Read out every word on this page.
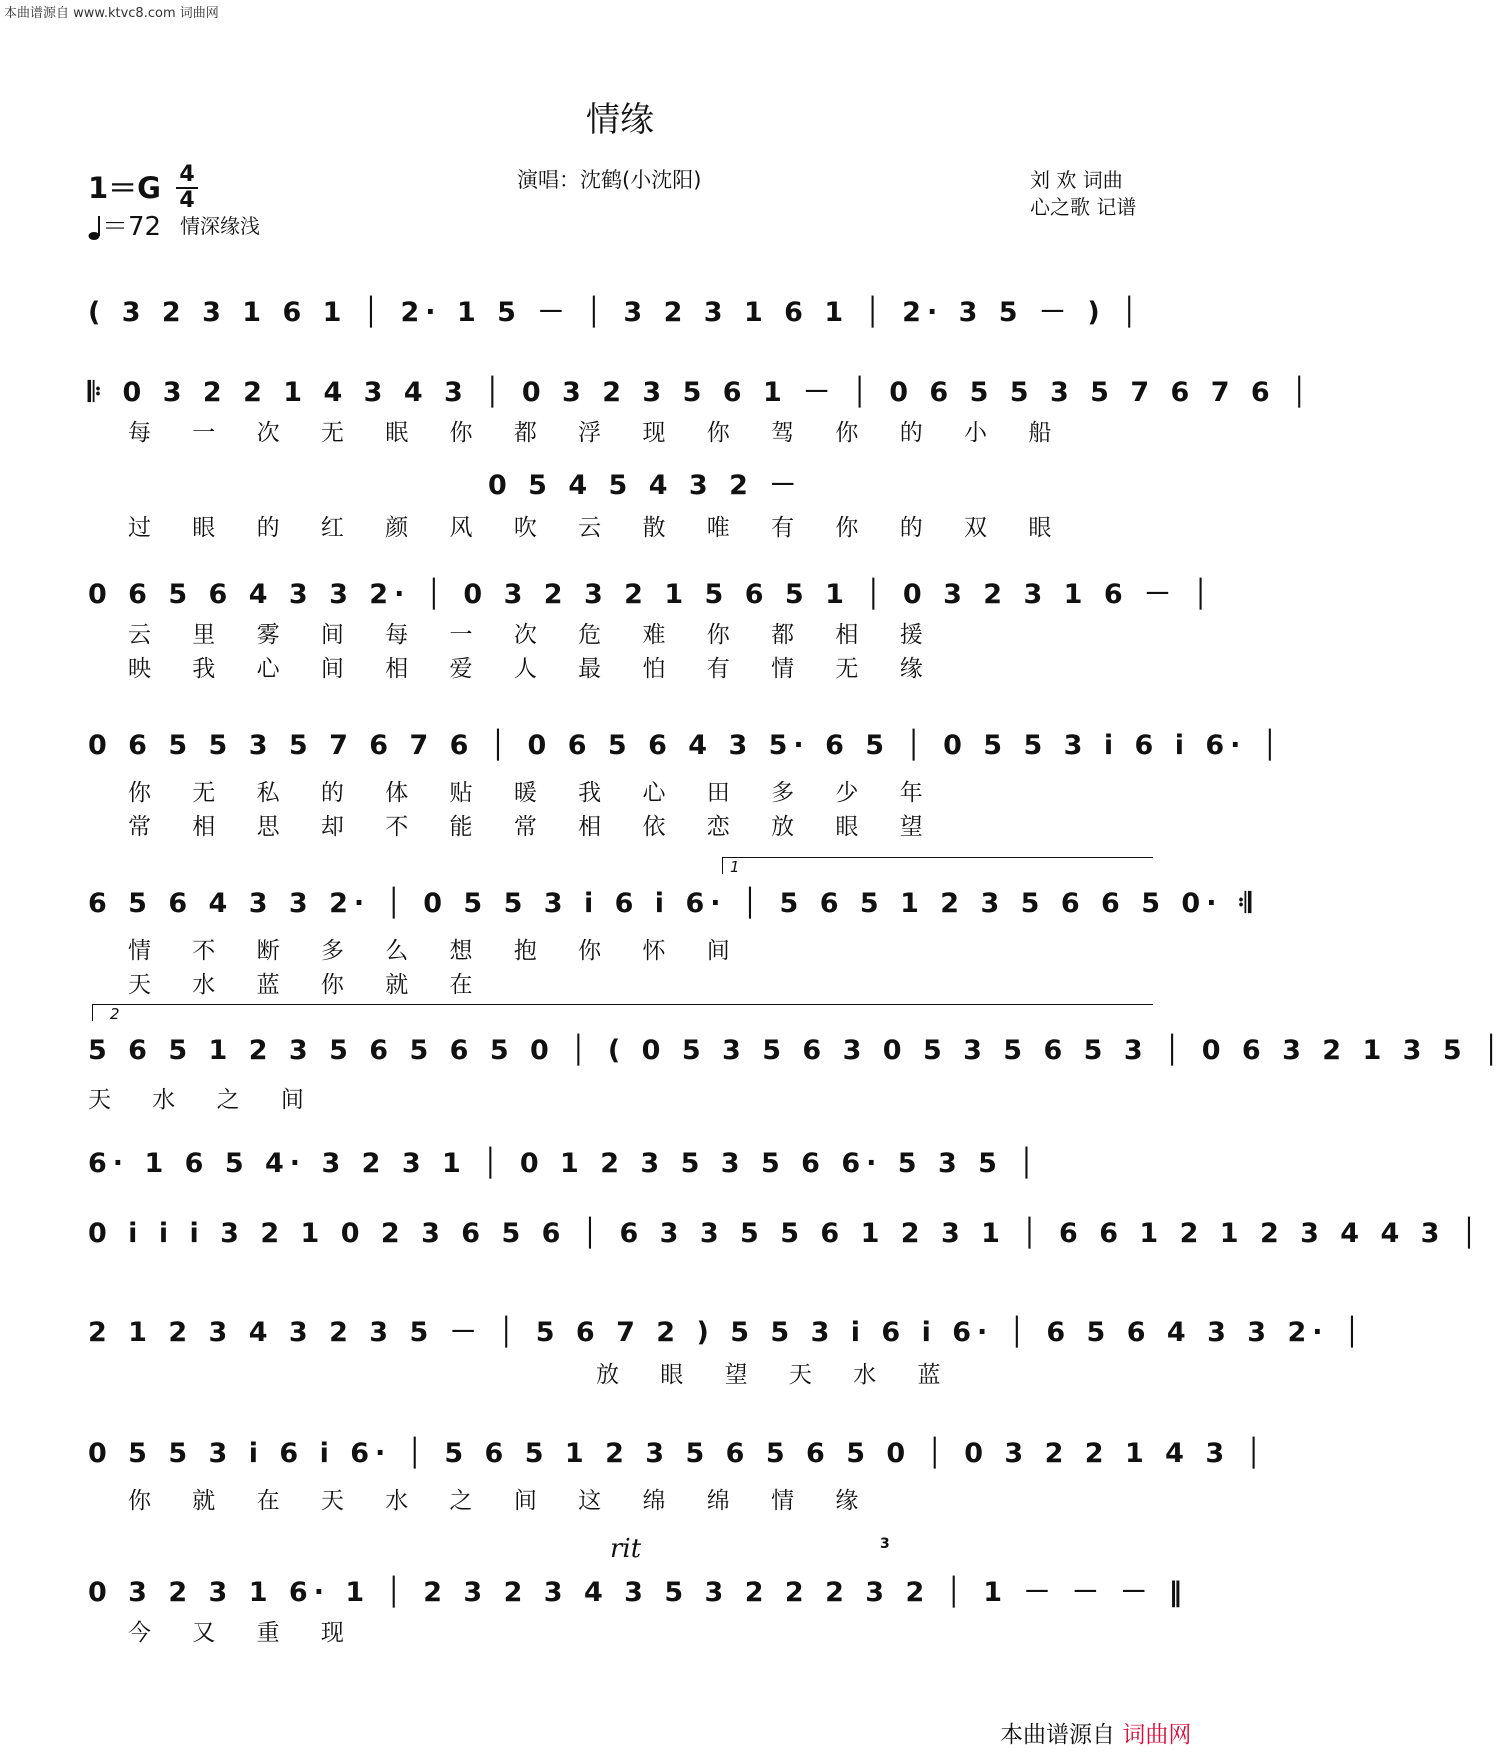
本曲谱源自 www.ktvc8.com 词曲网
情缘
1＝G 4
4
＝72 情深缘浅
演唱：沈鹤(小沈阳)	刘 欢 词曲
心之歌 记谱
( 3 2 3 1 6 1 │ 2· 1 5 － │ 3 2 3 1 6 1 │ 2· 3 5 － ) │
𝄆 0 3 2 2 1 4 3 4 3 │ 0 3 2 3 5 6 1 － │ 0 6 5 5 3 5 7 6 7 6 │
每 一 次 无 眠 你 都 浮 现 你 驾 你 的 小 船
0 5 4 5 4 3 2 －
过 眼 的 红 颜 风 吹 云 散 唯 有 你 的 双 眼
0 6 5 6 4 3 3 2· │ 0 3 2 3 2 1 5 6 5 1 │ 0 3 2 3 1 6 － │
云 里 雾 间 每 一 次 危 难 你 都 相 援
映 我 心 间 相 爱 人 最 怕 有 情 无 缘
0 6 5 5 3 5 7 6 7 6 │ 0 6 5 6 4 3 5· 6 5 │ 0 5 5 3 i 6 i 6· │
你 无 私 的 体 贴 暖 我 心 田 多 少 年
常 相 思 却 不 能 常 相 依 恋 放 眼 望
1
6 5 6 4 3 3 2· │ 0 5 5 3 i 6 i 6· │ 5 6 5 1 2 3 5 6 6 5 0· 𝄇
情 不 断 多 么 想 抱 你 怀 间
天 水 蓝 你 就 在
2
5 6 5 1 2 3 5 6 5 6 5 0 │ ( 0 5 3 5 6 3 0 5 3 5 6 5 3 │ 0 6 3 2 1 3 5 │
天 水 之 间
6· 1 6 5 4· 3 2 3 1 │ 0 1 2 3 5 3 5 6 6· 5 3 5 │
0 i i i 3 2 1 0 2 3 6 5 6 │ 6 3 3 5 5 6 1 2 3 1 │ 6 6 1 2 1 2 3 4 4 3 │
2 1 2 3 4 3 2 3 5 － │ 5 6 7 2 ) 5 5 3 i 6 i 6· │ 6 5 6 4 3 3 2· │
放 眼 望 天 水 蓝
0 5 5 3 i 6 i 6· │ 5 6 5 1 2 3 5 6 5 6 5 0 │ 0 3 2 2 1 4 3 │
你 就 在 天 水 之 间 这 绵 绵 情 缘
rit	3
0 3 2 3 1 6· 1 │ 2 3 2 3 4 3 5 3 2 2 2 3 2 │ 1 － － － ‖
今 又 重 现
本曲谱源自 词曲网
